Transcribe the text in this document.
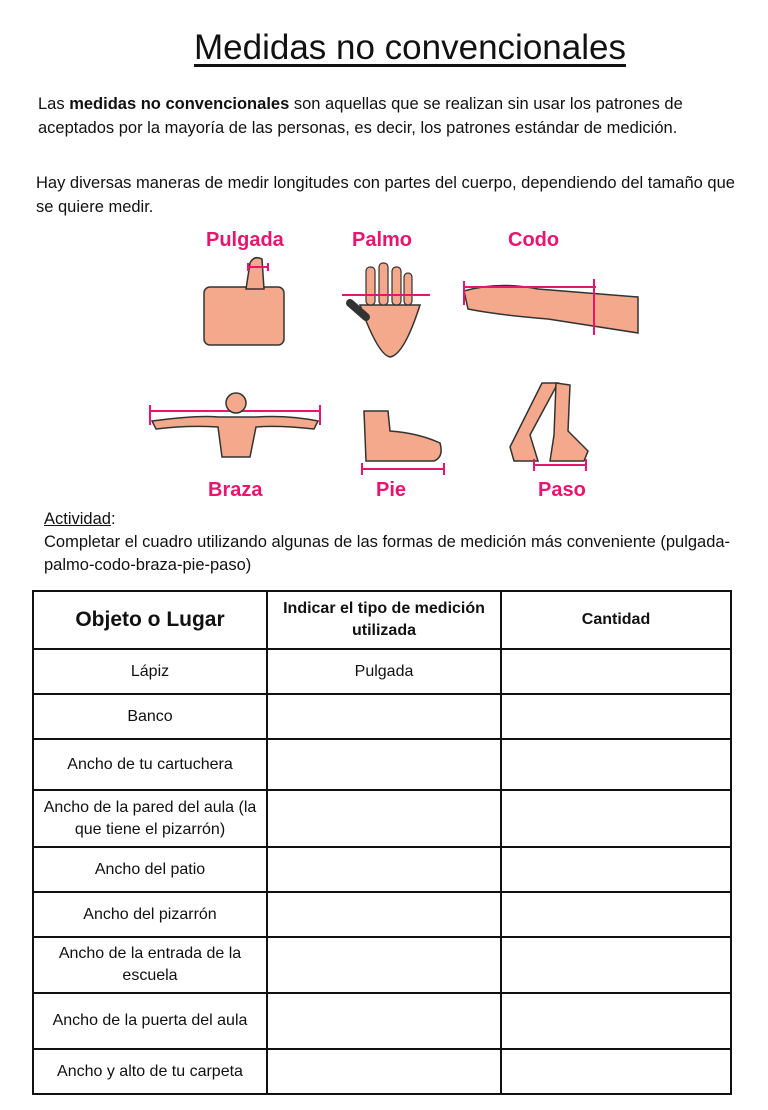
Medidas no convencionales
Las medidas no convencionales son aquellas que se realizan sin usar los patrones de aceptados por la mayoría de las personas, es decir, los patrones estándar de medición.
Hay diversas maneras de medir longitudes con partes del cuerpo, dependiendo del tamaño que se quiere medir.
Pulgada	Palmo	Codo
Braza	Pie	Paso
Actividad:
Completar el cuadro utilizando algunas de las formas de medición más conveniente (pulgada-palmo-codo-braza-pie-paso)
Objeto o Lugar	Indicar el tipo de medición utilizada	Cantidad
Lápiz	Pulgada	
Banco		
Ancho de tu cartuchera		
Ancho de la pared del aula (la que tiene el pizarrón)		
Ancho del patio		
Ancho del pizarrón		
Ancho de la entrada de la escuela		
Ancho de la puerta del aula		
Ancho y alto de tu carpeta		
